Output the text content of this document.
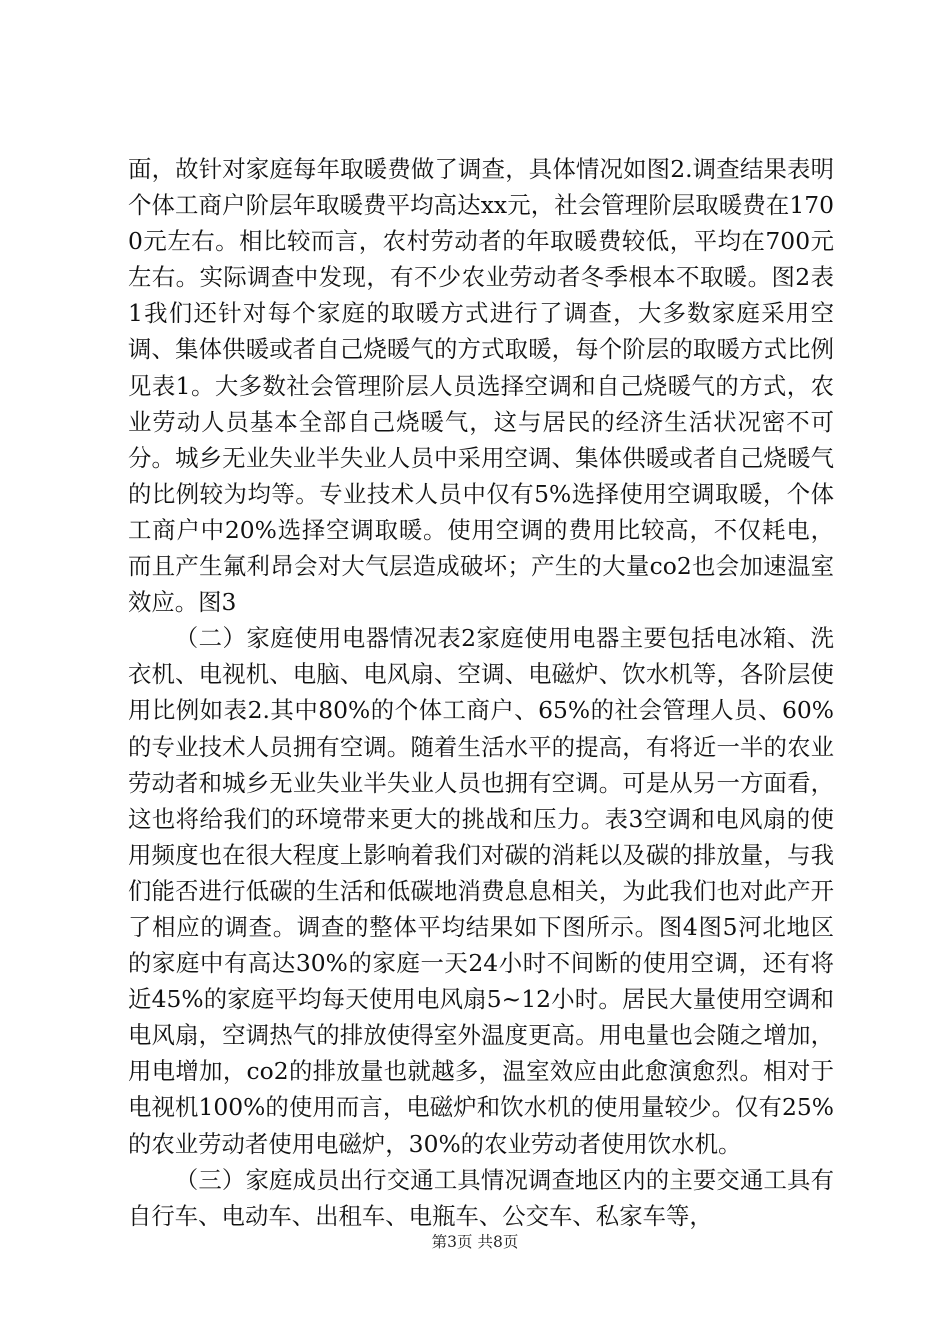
面，故针对家庭每年取暖费做了调查，具体情况如图2.调查结果表明个体工商户阶层年取暖费平均高达xx元，社会管理阶层取暖费在1700元左右。相比较而言，农村劳动者的年取暖费较低，平均在700元左右。实际调查中发现，有不少农业劳动者冬季根本不取暖。图2表1我们还针对每个家庭的取暖方式进行了调查，大多数家庭采用空调、集体供暖或者自己烧暖气的方式取暖，每个阶层的取暖方式比例见表1。大多数社会管理阶层人员选择空调和自己烧暖气的方式，农业劳动人员基本全部自己烧暖气，这与居民的经济生活状况密不可分。城乡无业失业半失业人员中采用空调、集体供暖或者自己烧暖气的比例较为均等。专业技术人员中仅有5%选择使用空调取暖，个体工商户中20%选择空调取暖。使用空调的费用比较高，不仅耗电，而且产生氟利昂会对大气层造成破坏；产生的大量co2也会加速温室效应。图3

（二）家庭使用电器情况表2家庭使用电器主要包括电冰箱、洗衣机、电视机、电脑、电风扇、空调、电磁炉、饮水机等，各阶层使用比例如表2.其中80%的个体工商户、65%的社会管理人员、60%的专业技术人员拥有空调。随着生活水平的提高，有将近一半的农业劳动者和城乡无业失业半失业人员也拥有空调。可是从另一方面看，这也将给我们的环境带来更大的挑战和压力。表3空调和电风扇的使用频度也在很大程度上影响着我们对碳的消耗以及碳的排放量，与我们能否进行低碳的生活和低碳地消费息息相关，为此我们也对此产开了相应的调查。调查的整体平均结果如下图所示。图4图5河北地区的家庭中有高达30%的家庭一天24小时不间断的使用空调，还有将近45%的家庭平均每天使用电风扇5~12小时。居民大量使用空调和电风扇，空调热气的排放使得室外温度更高。用电量也会随之增加，用电增加，co2的排放量也就越多，温室效应由此愈演愈烈。相对于电视机100%的使用而言，电磁炉和饮水机的使用量较少。仅有25%的农业劳动者使用电磁炉，30%的农业劳动者使用饮水机。

（三）家庭成员出行交通工具情况调查地区内的主要交通工具有自行车、电动车、出租车、电瓶车、公交车、私家车等，

第3页 共8页
